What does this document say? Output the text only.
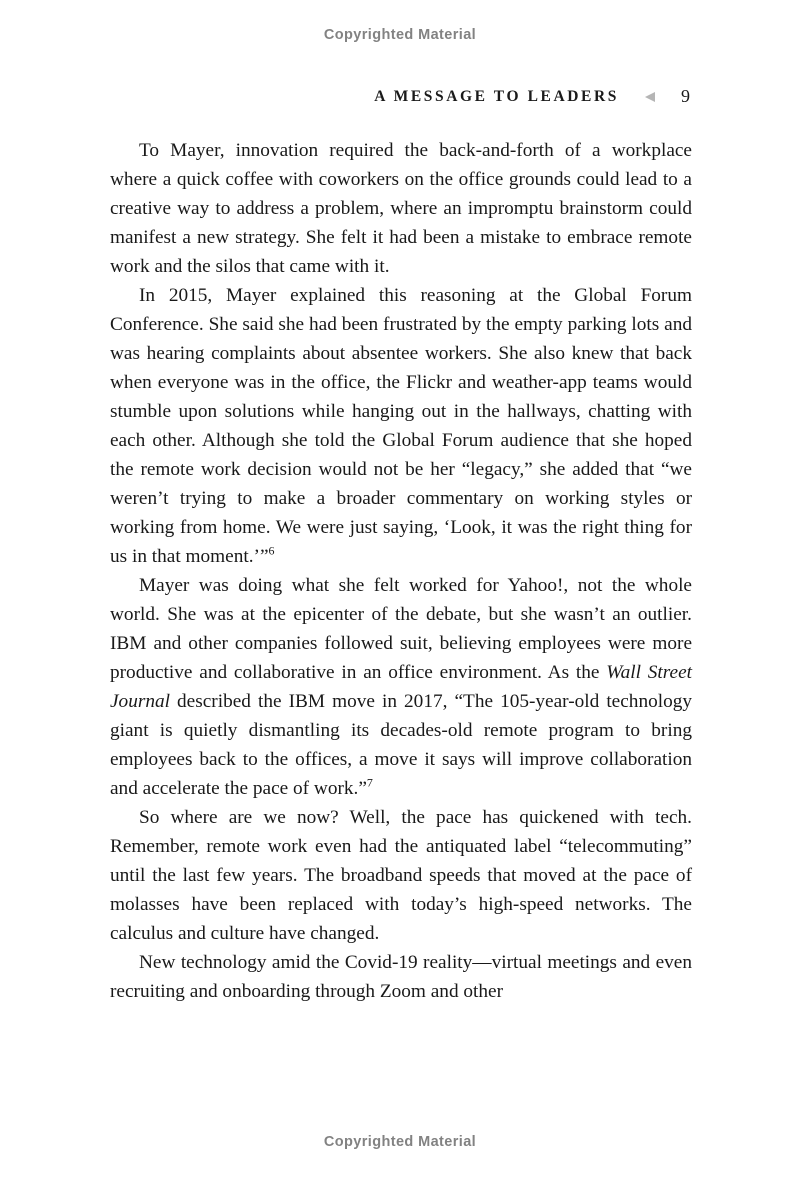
Copyrighted Material
A MESSAGE TO LEADERS	9

To Mayer, innovation required the back-and-forth of a workplace where a quick coffee with coworkers on the office grounds could lead to a creative way to address a problem, where an impromptu brainstorm could manifest a new strategy. She felt it had been a mistake to embrace remote work and the silos that came with it.

In 2015, Mayer explained this reasoning at the Global Forum Conference. She said she had been frustrated by the empty parking lots and was hearing complaints about absentee workers. She also knew that back when everyone was in the office, the Flickr and weather-app teams would stumble upon solutions while hanging out in the hallways, chatting with each other. Although she told the Global Forum audience that she hoped the remote work decision would not be her “legacy,” she added that “we weren’t trying to make a broader commentary on working styles or working from home. We were just saying, ‘Look, it was the right thing for us in that moment.’”$^6$

Mayer was doing what she felt worked for Yahoo!, not the whole world. She was at the epicenter of the debate, but she wasn’t an outlier. IBM and other companies followed suit, believing employees were more productive and collaborative in an office environment. As the Wall Street Journal described the IBM move in 2017, “The 105-year-old technology giant is quietly dismantling its decades-old remote program to bring employees back to the offices, a move it says will improve collaboration and accelerate the pace of work.”$^7$

So where are we now? Well, the pace has quickened with tech. Remember, remote work even had the antiquated label “telecommuting” until the last few years. The broadband speeds that moved at the pace of molasses have been replaced with today’s high-speed networks. The calculus and culture have changed.

New technology amid the Covid-19 reality—virtual meetings and even recruiting and onboarding through Zoom and other

Copyrighted Material
